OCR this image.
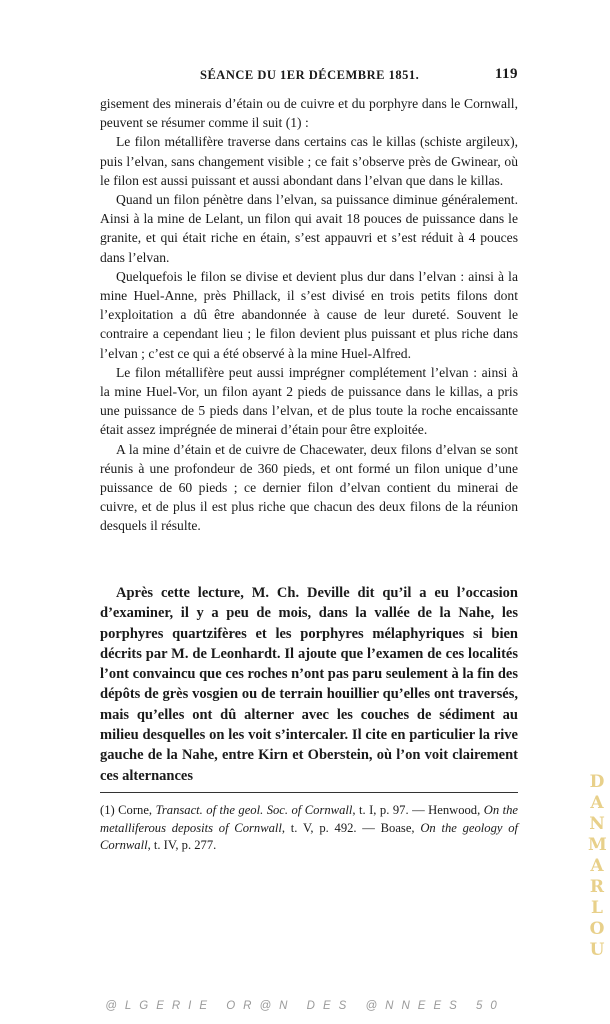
SÉANCE DU 1ER DÉCEMBRE 1851.	119

gisement des minerais d’étain ou de cuivre et du porphyre dans le Cornwall, peuvent se résumer comme il suit (1) :

Le filon métallifère traverse dans certains cas le killas (schiste argileux), puis l’elvan, sans changement visible ; ce fait s’observe près de Gwinear, où le filon est aussi puissant et aussi abondant dans l’elvan que dans le killas.

Quand un filon pénètre dans l’elvan, sa puissance diminue généralement. Ainsi à la mine de Lelant, un filon qui avait 18 pouces de puissance dans le granite, et qui était riche en étain, s’est appauvri et s’est réduit à 4 pouces dans l’elvan.

Quelquefois le filon se divise et devient plus dur dans l’elvan : ainsi à la mine Huel-Anne, près Phillack, il s’est divisé en trois petits filons dont l’exploitation a dû être abandonnée à cause de leur dureté. Souvent le contraire a cependant lieu ; le filon devient plus puissant et plus riche dans l’elvan ; c’est ce qui a été observé à la mine Huel-Alfred.

Le filon métallifère peut aussi imprégner complétement l’elvan : ainsi à la mine Huel-Vor, un filon ayant 2 pieds de puissance dans le killas, a pris une puissance de 5 pieds dans l’elvan, et de plus toute la roche encaissante était assez imprégnée de minerai d’étain pour être exploitée.

A la mine d’étain et de cuivre de Chacewater, deux filons d’elvan se sont réunis à une profondeur de 360 pieds, et ont formé un filon unique d’une puissance de 60 pieds ; ce dernier filon d’elvan contient du minerai de cuivre, et de plus il est plus riche que chacun des deux filons de la réunion desquels il résulte.

Après cette lecture, M. Ch. Deville dit qu’il a eu l’occasion d’examiner, il y a peu de mois, dans la vallée de la Nahe, les porphyres quartzifères et les porphyres mélaphyriques si bien décrits par M. de Leonhardt. Il ajoute que l’examen de ces localités l’ont convaincu que ces roches n’ont pas paru seulement à la fin des dépôts de grès vosgien ou de terrain houillier qu’elles ont traversés, mais qu’elles ont dû alterner avec les couches de sédiment au milieu desquelles on les voit s’intercaler. Il cite en particulier la rive gauche de la Nahe, entre Kirn et Oberstein, où l’on voit clairement ces alternances

(1) Corne, Transact. of the geol. Soc. of Cornwall, t. I, p. 97. — Henwood, On the metalliferous deposits of Cornwall, t. V, p. 492. — Boase, On the geology of Cornwall, t. IV, p. 277.

DANMARLOU
@LGERIE OR@N DES @NNEES 50
